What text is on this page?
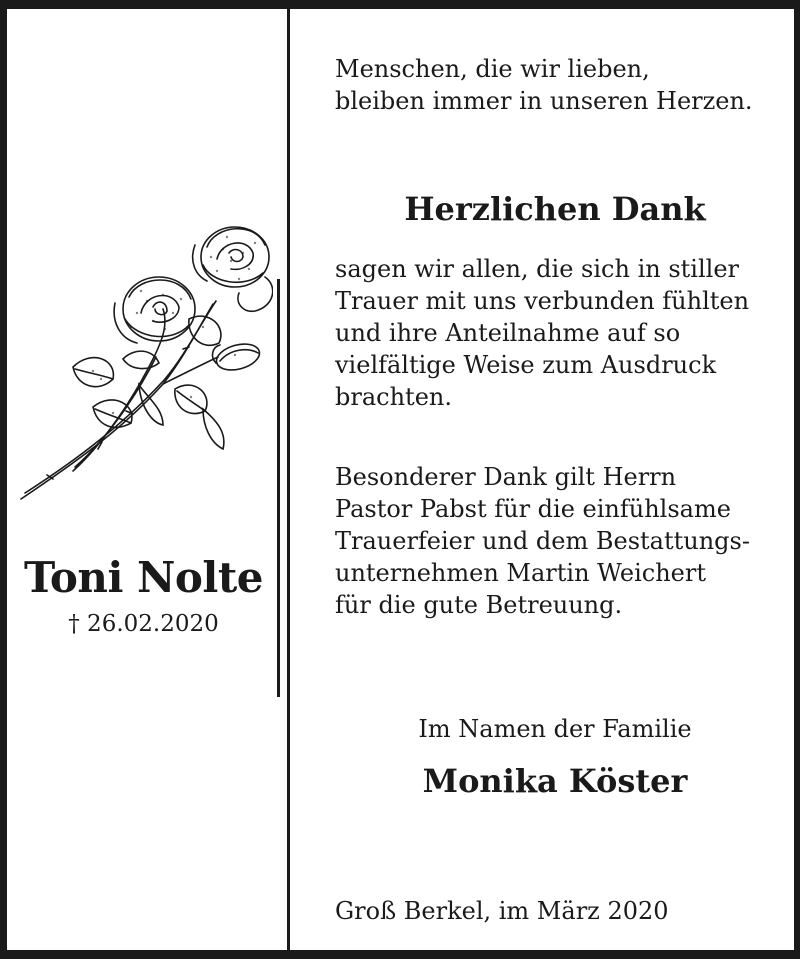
Toni Nolte
† 26.02.2020

Menschen, die wir lieben,

bleiben immer in unseren Herzen.

Herzlichen Dank

sagen wir allen, die sich in stiller

Trauer mit uns verbunden fühlten

und ihre Anteilnahme auf so

vielfältige Weise zum Ausdruck

brachten.

Besonderer Dank gilt Herrn

Pastor Pabst für die einfühlsame

Trauerfeier und dem Bestattungs-

unternehmen Martin Weichert

für die gute Betreuung.

Im Namen der Familie
Monika Köster
Groß Berkel, im März 2020
